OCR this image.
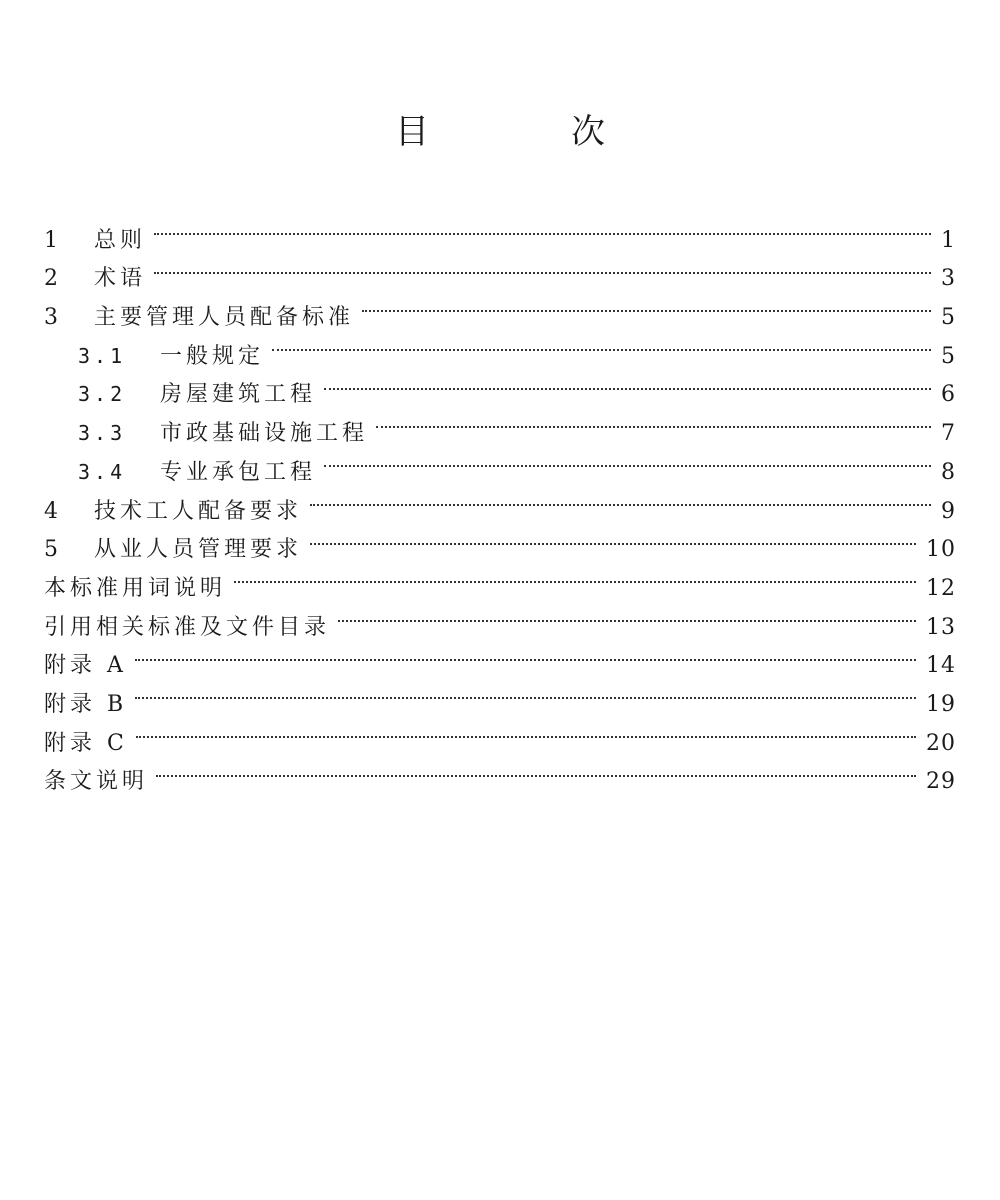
目　次
1	总则	1
2	术语	3
3	主要管理人员配备标准	5
3.1	一般规定	5
3.2	房屋建筑工程	6
3.3	市政基础设施工程	7
3.4	专业承包工程	8
4	技术工人配备要求	9
5	从业人员管理要求	10
本标准用词说明	12
引用相关标准及文件目录	13
附录 A	14
附录 B	19
附录 C	20
条文说明	29
